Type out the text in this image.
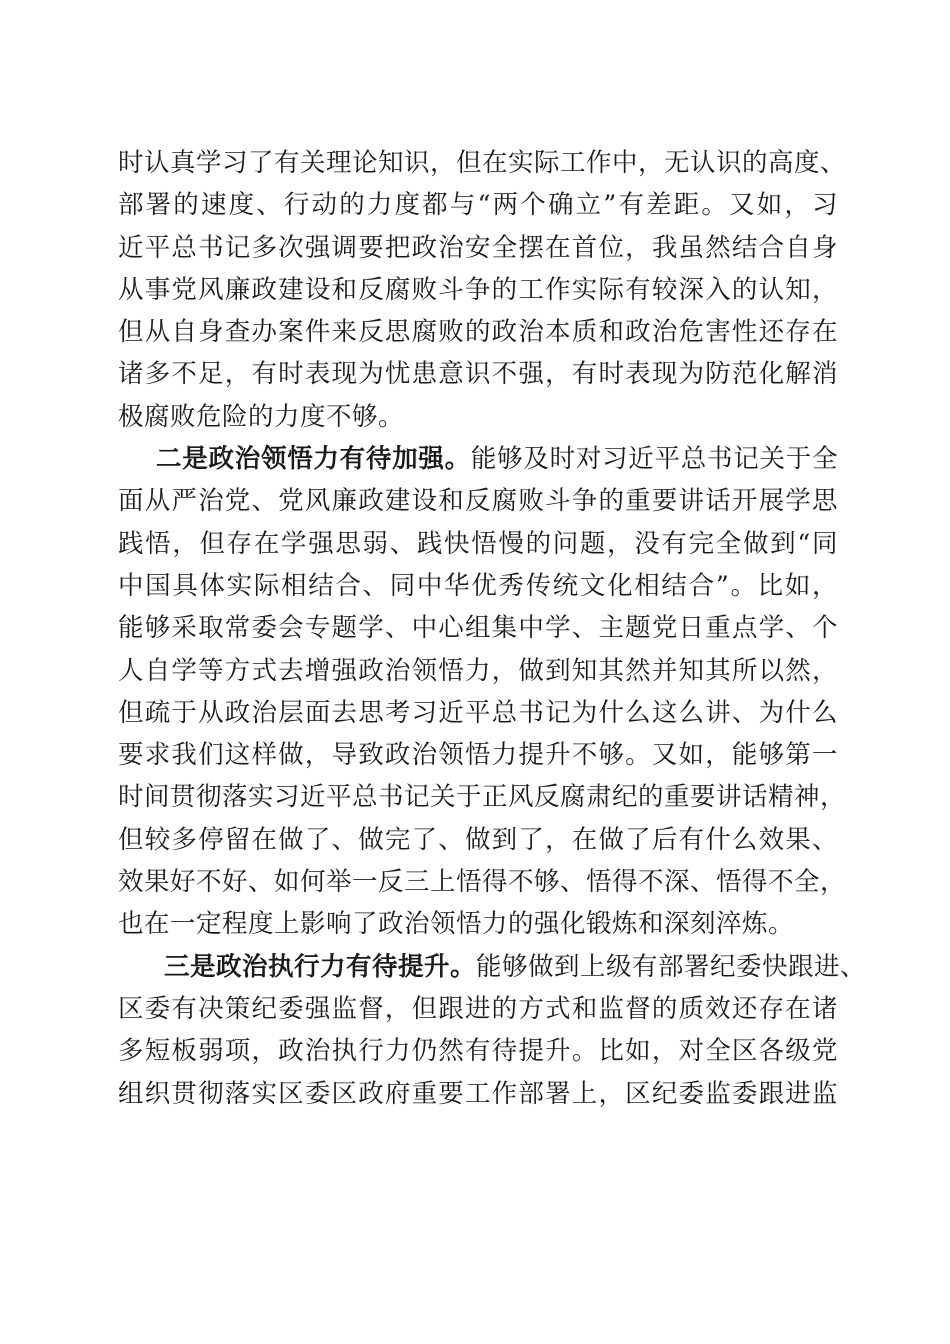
时认真学习了有关理论知识，但在实际工作中，无认识的高度、
部署的速度、行动的力度都与“两个确立”有差距。又如，习
近平总书记多次强调要把政治安全摆在首位，我虽然结合自身
从事党风廉政建设和反腐败斗争的工作实际有较深入的认知，
但从自身查办案件来反思腐败的政治本质和政治危害性还存在
诸多不足，有时表现为忧患意识不强，有时表现为防范化解消
极腐败危险的力度不够。
二是政治领悟力有待加强。能够及时对习近平总书记关于全
面从严治党、党风廉政建设和反腐败斗争的重要讲话开展学思
践悟，但存在学强思弱、践快悟慢的问题，没有完全做到“同
中国具体实际相结合、同中华优秀传统文化相结合”。比如，
能够采取常委会专题学、中心组集中学、主题党日重点学、个
人自学等方式去增强政治领悟力，做到知其然并知其所以然，
但疏于从政治层面去思考习近平总书记为什么这么讲、为什么
要求我们这样做，导致政治领悟力提升不够。又如，能够第一
时间贯彻落实习近平总书记关于正风反腐肃纪的重要讲话精神，
但较多停留在做了、做完了、做到了，在做了后有什么效果、
效果好不好、如何举一反三上悟得不够、悟得不深、悟得不全，
也在一定程度上影响了政治领悟力的强化锻炼和深刻淬炼。
三是政治执行力有待提升。能够做到上级有部署纪委快跟进、
区委有决策纪委强监督，但跟进的方式和监督的质效还存在诸
多短板弱项，政治执行力仍然有待提升。比如，对全区各级党
组织贯彻落实区委区政府重要工作部署上，区纪委监委跟进监
